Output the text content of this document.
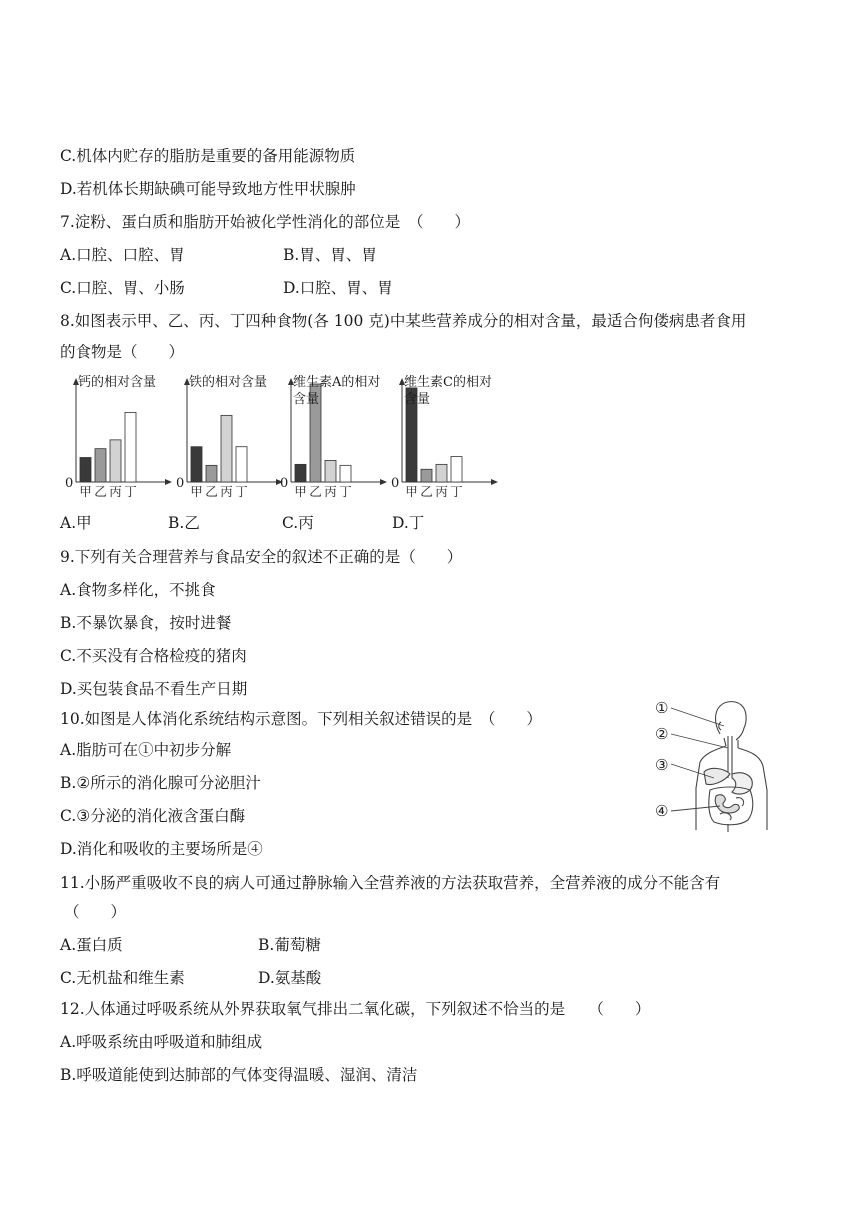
C.机体内贮存的脂肪是重要的备用能源物质
D.若机体长期缺碘可能导致地方性甲状腺肿
7.淀粉、蛋白质和脂肪开始被化学性消化的部位是　（　　）
A.口腔、口腔、胃	B.胃、胃、胃
C.口腔、胃、小肠	D.口腔、胃、胃
8.如图表示甲、乙、丙、丁四种食物(各 100 克)中某些营养成分的相对含量，最适合佝偻病患者食用
的食物是（　　）
钙的相对含量
0
甲 乙 丙 丁
铁的相对含量
0
甲 乙 丙 丁
维生素A的相对含量
0
甲 乙 丙 丁
维生素C的相对含量
0
甲 乙 丙 丁
A.甲	B.乙	C.丙	D.丁
9.下列有关合理营养与食品安全的叙述不正确的是（　　）
A.食物多样化，不挑食
B.不暴饮暴食，按时进餐
C.不买没有合格检疫的猪肉
D.买包装食品不看生产日期
10.如图是人体消化系统结构示意图。下列相关叙述错误的是　（　　）
A.脂肪可在①中初步分解
B.②所示的消化腺可分泌胆汁
C.③分泌的消化液含蛋白酶
D.消化和吸收的主要场所是④
①
②
③
④
11.小肠严重吸收不良的病人可通过静脉输入全营养液的方法获取营养，全营养液的成分不能含有
（　　）
A.蛋白质	B.葡萄糖
C.无机盐和维生素	D.氨基酸
12.人体通过呼吸系统从外界获取氧气排出二氧化碳，下列叙述不恰当的是　　（　　）
A.呼吸系统由呼吸道和肺组成
B.呼吸道能使到达肺部的气体变得温暖、湿润、清洁
